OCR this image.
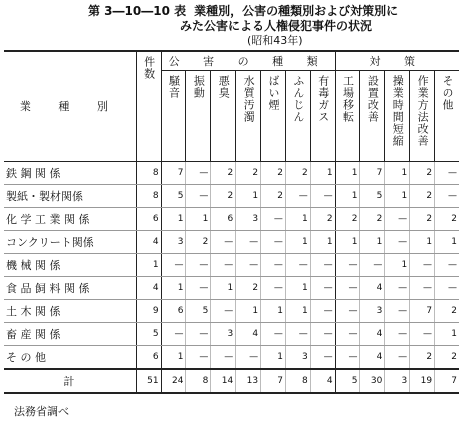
第 3―10―10 表 業種別，公害の種類別および対策別に
みた公害による人権侵犯事件の状況
(昭和43年)
業 種 別	件数	公 害 の 種 類							対 策				

騒音	振動	悪臭	水質汚濁	ばい煙	ふんじん	有毒ガス	工場移転	設置改善	操業時間短縮	作業方法改善	その他

鉄 鋼 関 係	8	7	—	2	2	2	2	1	1	7	1	2	—
製紙・製材関係	8	5	—	2	1	2	—	—	1	5	1	2	—
化 学 工 業 関 係	6	1	1	6	3	—	1	2	2	2	—	2	2
コンクリート関係	4	3	2	—	—	—	1	1	1	1	—	1	1
機 械 関 係	1	—	—	—	—	—	—	—	—	—	1	—	—
食 品 飼 料 関 係	4	1	—	1	2	—	1	—	—	4	—	—	—
土 木 関 係	9	6	5	—	1	1	1	—	—	3	—	7	2
畜 産 関 係	5	—	—	3	4	—	—	—	—	4	—	—	1
そ の 他	6	1	—	—	—	1	3	—	—	4	—	2	2
計	51	24	8	14	13	7	8	4	5	30	3	19	7
法務省調べ
